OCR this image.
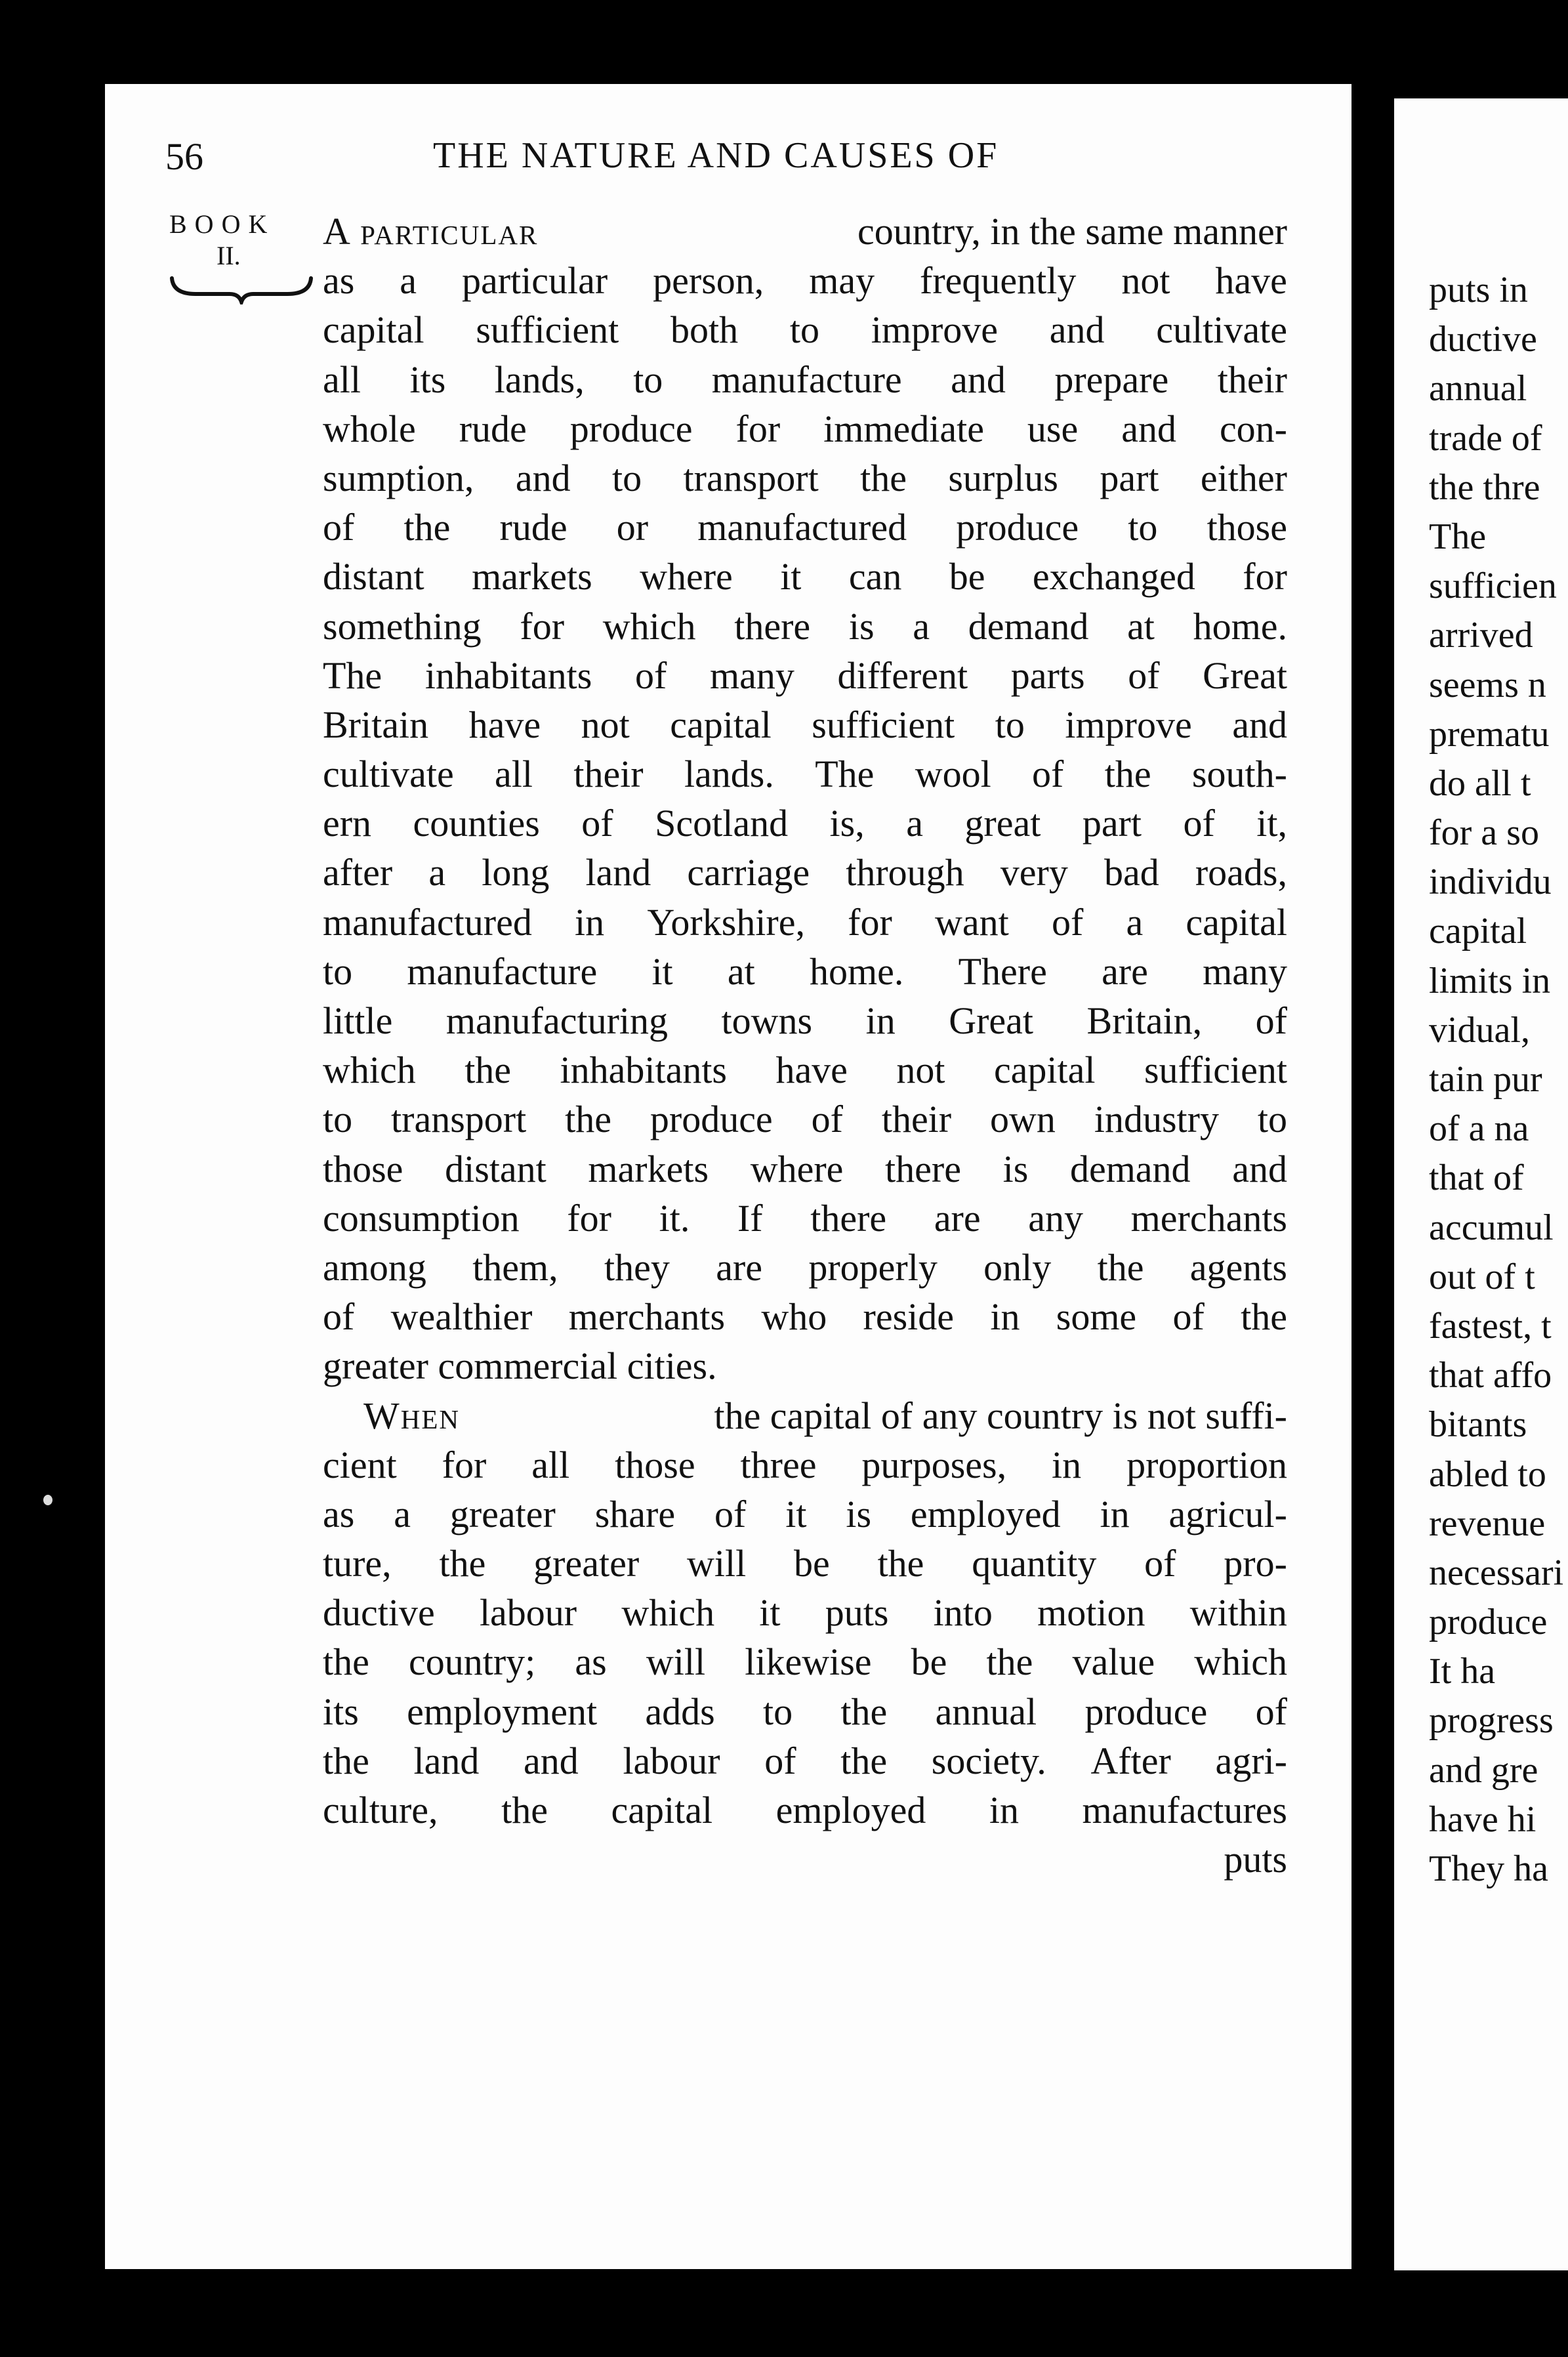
56	THE NATURE AND CAUSES OF
BOOK
II.
A particular	country, in the same manner
as a particular person, may frequently not have
capital sufficient both to improve and cultivate
all its lands, to manufacture and prepare their
whole rude produce for immediate use and con-
sumption, and to transport the surplus part either
of the rude or manufactured produce to those
distant markets where it can be exchanged for
something for which there is a demand at home.
The inhabitants of many different parts of Great
Britain have not capital sufficient to improve and
cultivate all their lands. The wool of the south-
ern counties of Scotland is, a great part of it,
after a long land carriage through very bad roads,
manufactured in Yorkshire, for want of a capital
to manufacture it at home. There are many
little manufacturing towns in Great Britain, of
which the inhabitants have not capital sufficient
to transport the produce of their own industry to
those distant markets where there is demand and
consumption for it. If there are any merchants
among them, they are properly only the agents
of wealthier merchants who reside in some of the
greater commercial cities.
When	the capital of any country is not suffi-
cient for all those three purposes, in proportion
as a greater share of it is employed in agricul-
ture, the greater will be the quantity of pro-
ductive labour which it puts into motion within
the country; as will likewise be the value which
its employment adds to the annual produce of
the land and labour of the society. After agri-
culture, the capital employed in manufactures
puts
puts in
ductive
annual
trade of
the thre
The
sufficien
arrived
seems n
prematu
do all t
for a so
individu
capital
limits in
vidual,
tain pur
of a na
that of
accumul
out of t
fastest, t
that affo
bitants
abled to
revenue
necessari
produce
It ha
progress
and gre
have hi
They ha
